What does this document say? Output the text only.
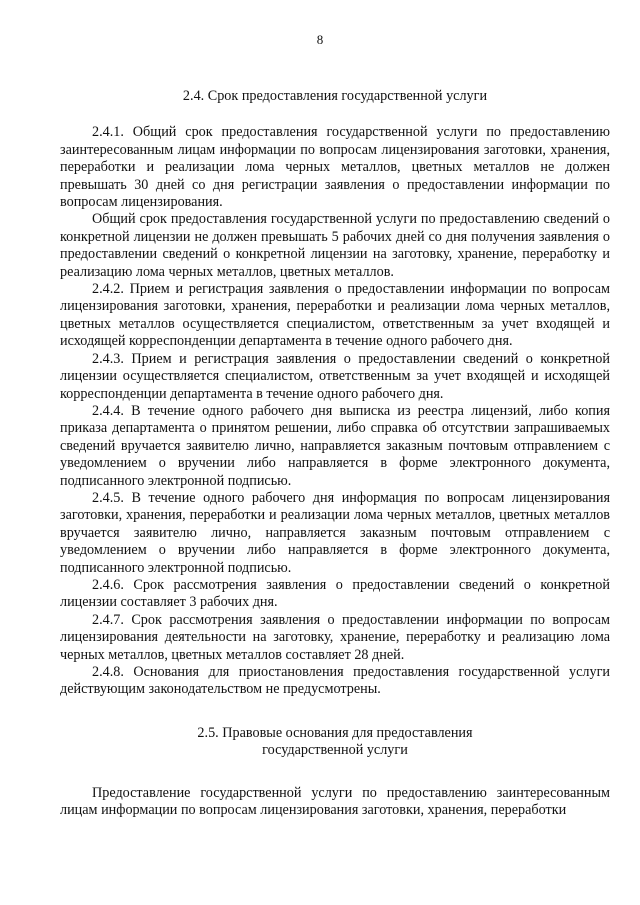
8

2.4. Срок предоставления государственной услуги

2.4.1. Общий срок предоставления государственной услуги по предоставлению заинтересованным лицам информации по вопросам лицензирования заготовки, хранения, переработки и реализации лома черных металлов, цветных металлов не должен превышать 30 дней со дня регистрации заявления о предоставлении информации по вопросам лицензирования.

Общий срок предоставления государственной услуги по предоставлению сведений о конкретной лицензии не должен превышать 5 рабочих дней со дня получения заявления о предоставлении сведений о конкретной лицензии на заготовку, хранение, переработку и реализацию лома черных металлов, цветных металлов.

2.4.2. Прием и регистрация заявления о предоставлении информации по вопросам лицензирования заготовки, хранения, переработки и реализации лома черных металлов, цветных металлов осуществляется специалистом, ответственным за учет входящей и исходящей корреспонденции департамента в течение одного рабочего дня.

2.4.3. Прием и регистрация заявления о предоставлении сведений о конкретной лицензии осуществляется специалистом, ответственным за учет входящей и исходящей корреспонденции департамента в течение одного рабочего дня.

2.4.4. В течение одного рабочего дня выписка из реестра лицензий, либо копия приказа департамента о принятом решении, либо справка об отсутствии запрашиваемых сведений вручается заявителю лично, направляется заказным почтовым отправлением с уведомлением о вручении либо направляется в форме электронного документа, подписанного электронной подписью.

2.4.5. В течение одного рабочего дня информация по вопросам лицензирования заготовки, хранения, переработки и реализации лома черных металлов, цветных металлов вручается заявителю лично, направляется заказным почтовым отправлением с уведомлением о вручении либо направляется в форме электронного документа, подписанного электронной подписью.

2.4.6. Срок рассмотрения заявления о предоставлении сведений о конкретной лицензии составляет 3 рабочих дня.

2.4.7. Срок рассмотрения заявления о предоставлении информации по вопросам лицензирования деятельности на заготовку, хранение, переработку и реализацию лома черных металлов, цветных металлов составляет 28 дней.

2.4.8. Основания для приостановления предоставления государственной услуги действующим законодательством не предусмотрены.

2.5. Правовые основания для предоставления
государственной услуги

Предоставление государственной услуги по предоставлению заинтересованным лицам информации по вопросам лицензирования заготовки, хранения, переработки
